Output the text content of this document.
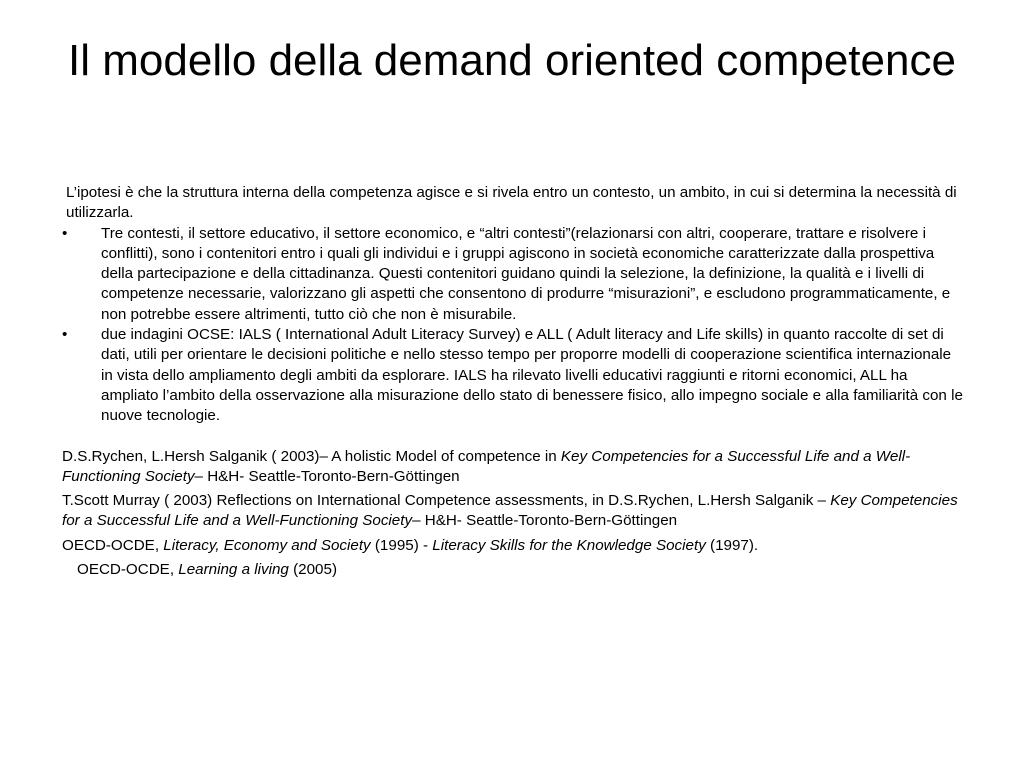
Il modello della demand oriented competence

L’ipotesi è che la struttura interna della competenza agisce e si rivela entro un contesto, un ambito, in cui si determina la necessità di utilizzarla.

• Tre contesti, il settore educativo, il settore economico, e “altri contesti”(relazionarsi con altri, cooperare, trattare e risolvere i conflitti), sono i contenitori entro i quali gli individui e i gruppi agiscono in società economiche caratterizzate dalla prospettiva della partecipazione e della cittadinanza. Questi contenitori guidano quindi la selezione, la definizione, la qualità e i livelli di competenze necessarie, valorizzano gli aspetti che consentono di produrre “misurazioni”, e escludono programmaticamente, e non potrebbe essere altrimenti, tutto ciò che non è misurabile.
• due indagini OCSE: IALS ( International Adult Literacy Survey) e ALL ( Adult literacy and Life skills) in quanto raccolte di set di dati, utili per orientare le decisioni politiche e nello stesso tempo per proporre modelli di cooperazione scientifica internazionale in vista dello ampliamento degli ambiti da esplorare. IALS ha rilevato livelli educativi raggiunti e ritorni economici, ALL ha ampliato l’ambito della osservazione alla misurazione dello stato di benessere fisico, allo impegno sociale e alla familiarità con le nuove tecnologie.

D.S.Rychen, L.Hersh Salganik ( 2003)– A holistic Model of competence in Key Competencies for a Successful Life and a Well-Functioning Society– H&H- Seattle-Toronto-Bern-Göttingen

T.Scott Murray ( 2003) Reflections on International Competence assessments, in D.S.Rychen, L.Hersh Salganik – Key Competencies for a Successful Life and a Well-Functioning Society– H&H- Seattle-Toronto-Bern-Göttingen

OECD-OCDE, Literacy, Economy and Society (1995) - Literacy Skills for the Knowledge Society (1997).

OECD-OCDE, Learning a living (2005)
